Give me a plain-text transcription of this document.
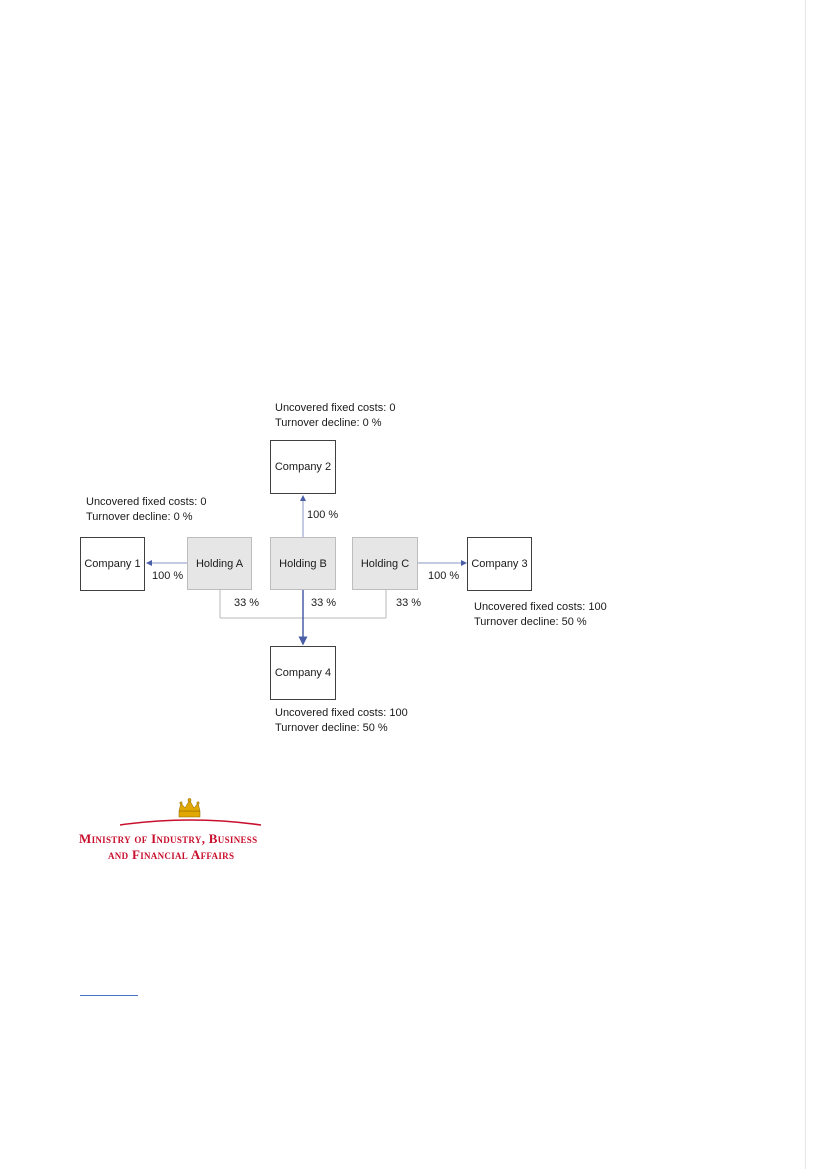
Uncovered fixed costs: 0
Turnover decline: 0 %
Uncovered fixed costs: 0
Turnover decline: 0 %
Company 2
Company 1	Holding A	Holding B	Holding C	Company 3
Company 4
100 %
100 %	100 %
33 %	33 %	33 %	Uncovered fixed costs: 100
Turnover decline: 50 %
Uncovered fixed costs: 100
Turnover decline: 50 %
Ministry of Industry, Business
and Financial Affairs
